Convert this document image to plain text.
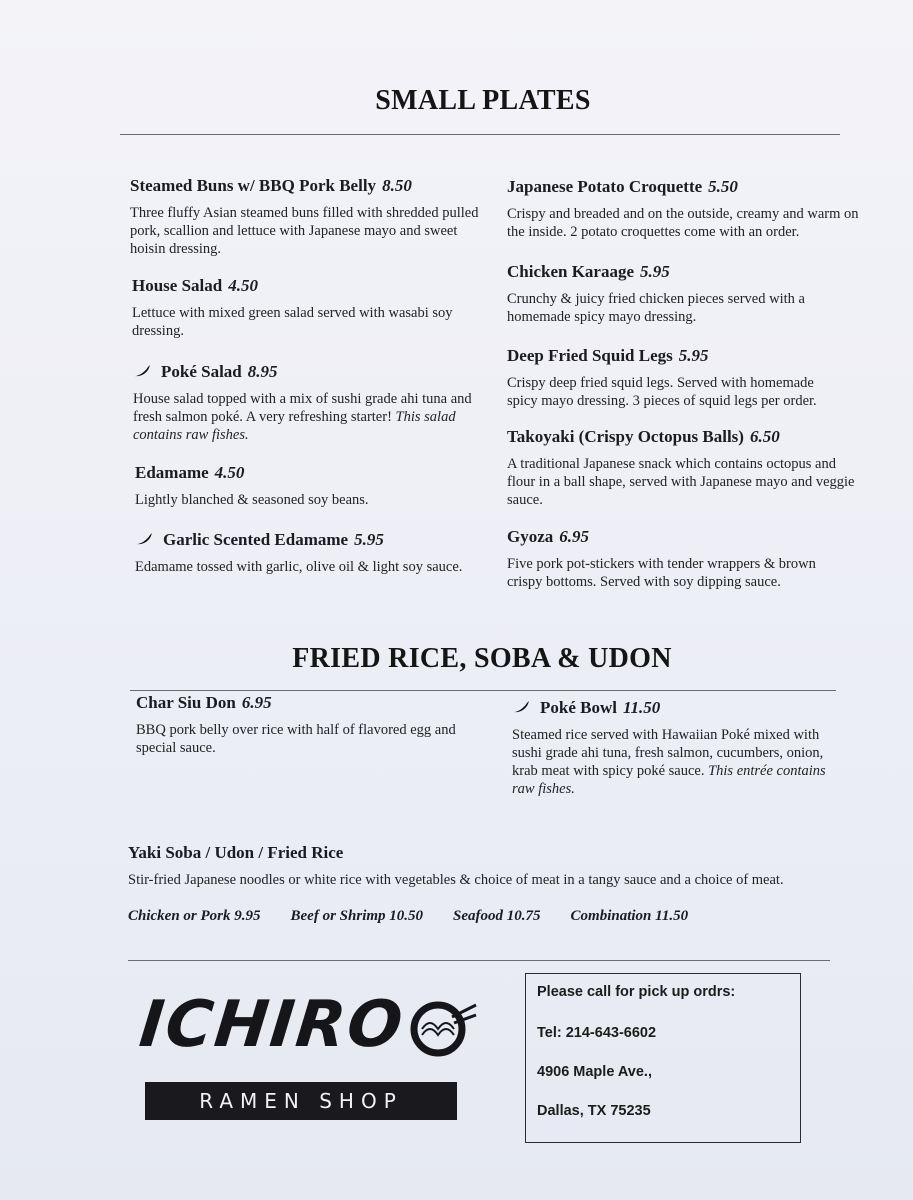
SMALL PLATES
Steamed Buns w/ BBQ Pork Belly 8.50
Three fluffy Asian steamed buns filled with shredded pulled pork, scallion and lettuce with Japanese mayo and sweet hoisin dressing.
House Salad 4.50
Lettuce with mixed green salad served with wasabi soy dressing.
Poké Salad 8.95
House salad topped with a mix of sushi grade ahi tuna and fresh salmon poké. A very refreshing starter! This salad contains raw fishes.
Edamame 4.50
Lightly blanched & seasoned soy beans.
Garlic Scented Edamame 5.95
Edamame tossed with garlic, olive oil & light soy sauce.
Japanese Potato Croquette 5.50
Crispy and breaded and on the outside, creamy and warm on the inside. 2 potato croquettes come with an order.
Chicken Karaage 5.95
Crunchy & juicy fried chicken pieces served with a homemade spicy mayo dressing.
Deep Fried Squid Legs 5.95
Crispy deep fried squid legs. Served with homemade spicy mayo dressing. 3 pieces of squid legs per order.
Takoyaki (Crispy Octopus Balls) 6.50
A traditional Japanese snack which contains octopus and flour in a ball shape, served with Japanese mayo and veggie sauce.
Gyoza 6.95
Five pork pot-stickers with tender wrappers & brown crispy bottoms. Served with soy dipping sauce.
FRIED RICE, SOBA & UDON
Char Siu Don 6.95
BBQ pork belly over rice with half of flavored egg and special sauce.
Poké Bowl 11.50
Steamed rice served with Hawaiian Poké mixed with sushi grade ahi tuna, fresh salmon, cucumbers, onion, krab meat with spicy poké sauce. This entrée contains raw fishes.
Yaki Soba / Udon / Fried Rice
Stir-fried Japanese noodles or white rice with vegetables & choice of meat in a tangy sauce and a choice of meat.
Chicken or Pork 9.95 Beef or Shrimp 10.50 Seafood 10.75 Combination 11.50
ICHIRO
RAMEN SHOP
Please call for pick up ordrs:
Tel: 214-643-6602
4906 Maple Ave.,
Dallas, TX 75235
